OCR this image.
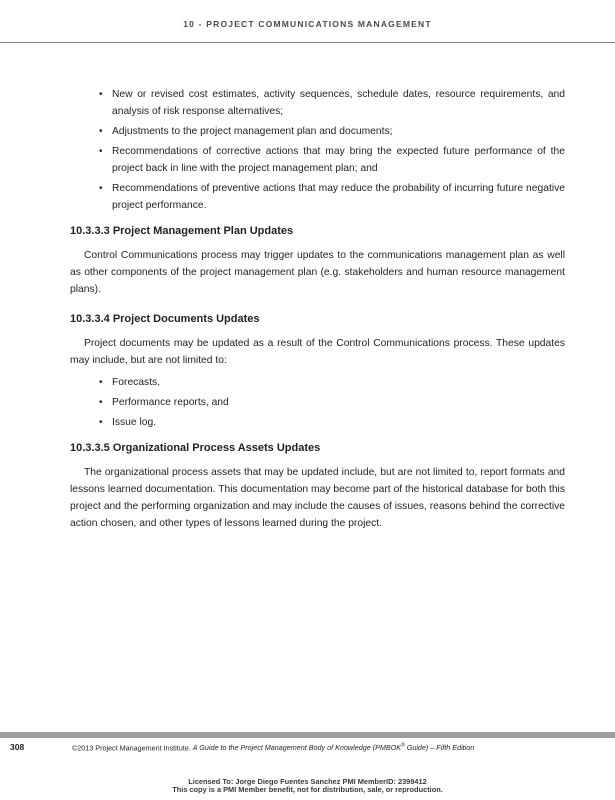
10 - PROJECT COMMUNICATIONS MANAGEMENT
• New or revised cost estimates, activity sequences, schedule dates, resource requirements, and analysis of risk response alternatives;
• Adjustments to the project management plan and documents;
• Recommendations of corrective actions that may bring the expected future performance of the project back in line with the project management plan; and
• Recommendations of preventive actions that may reduce the probability of incurring future negative project performance.
10.3.3.3 Project Management Plan Updates

Control Communications process may trigger updates to the communications management plan as well as other components of the project management plan (e.g. stakeholders and human resource management plans).

10.3.3.4 Project Documents Updates

Project documents may be updated as a result of the Control Communications process. These updates may include, but are not limited to:

• Forecasts,
• Performance reports, and
• Issue log.
10.3.3.5 Organizational Process Assets Updates

The organizational process assets that may be updated include, but are not limited to, report formats and lessons learned documentation. This documentation may become part of the historical database for both this project and the performing organization and may include the causes of issues, reasons behind the corrective action chosen, and other types of lessons learned during the project.

308	©2013 Project Management Institute. A Guide to the Project Management Body of Knowledge (PMBOK® Guide) – Fifth Edition
Licensed To: Jorge Diego Fuentes Sanchez PMI MemberID: 2399412
This copy is a PMI Member benefit, not for distribution, sale, or reproduction.
